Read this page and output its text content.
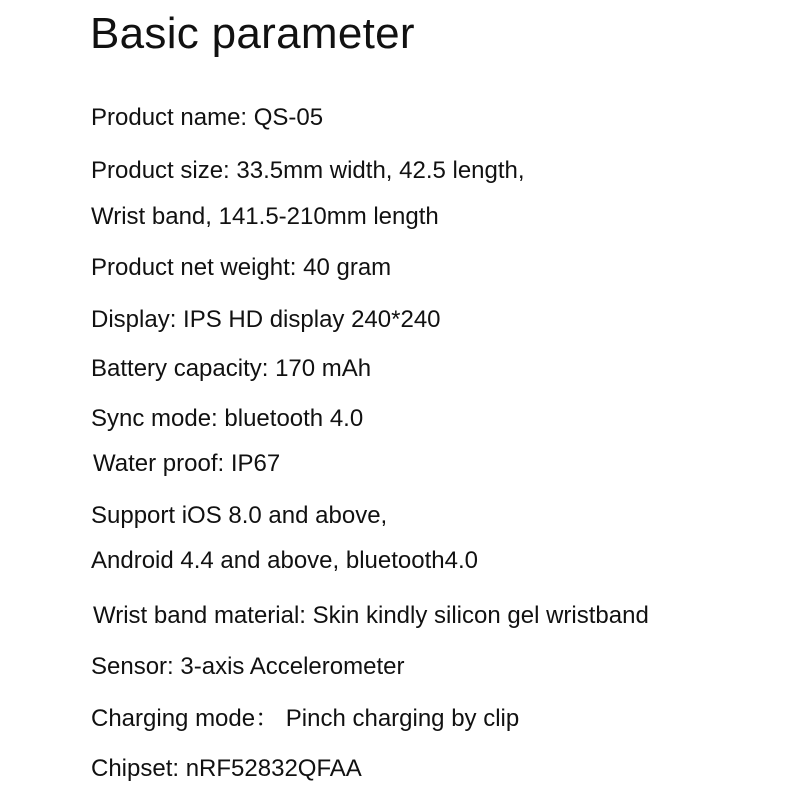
Basic parameter
Product name: QS-05
Product size: 33.5mm width, 42.5 length,
Wrist band, 141.5-210mm length
Product net weight: 40 gram
Display: IPS HD display 240*240
Battery capacity: 170 mAh
Sync mode: bluetooth 4.0
Water proof: IP67
Support iOS 8.0 and above,
Android 4.4 and above, bluetooth4.0
Wrist band material: Skin kindly silicon gel wristband
Sensor: 3-axis Accelerometer
Charging mode： Pinch charging by clip
Chipset: nRF52832QFAA
